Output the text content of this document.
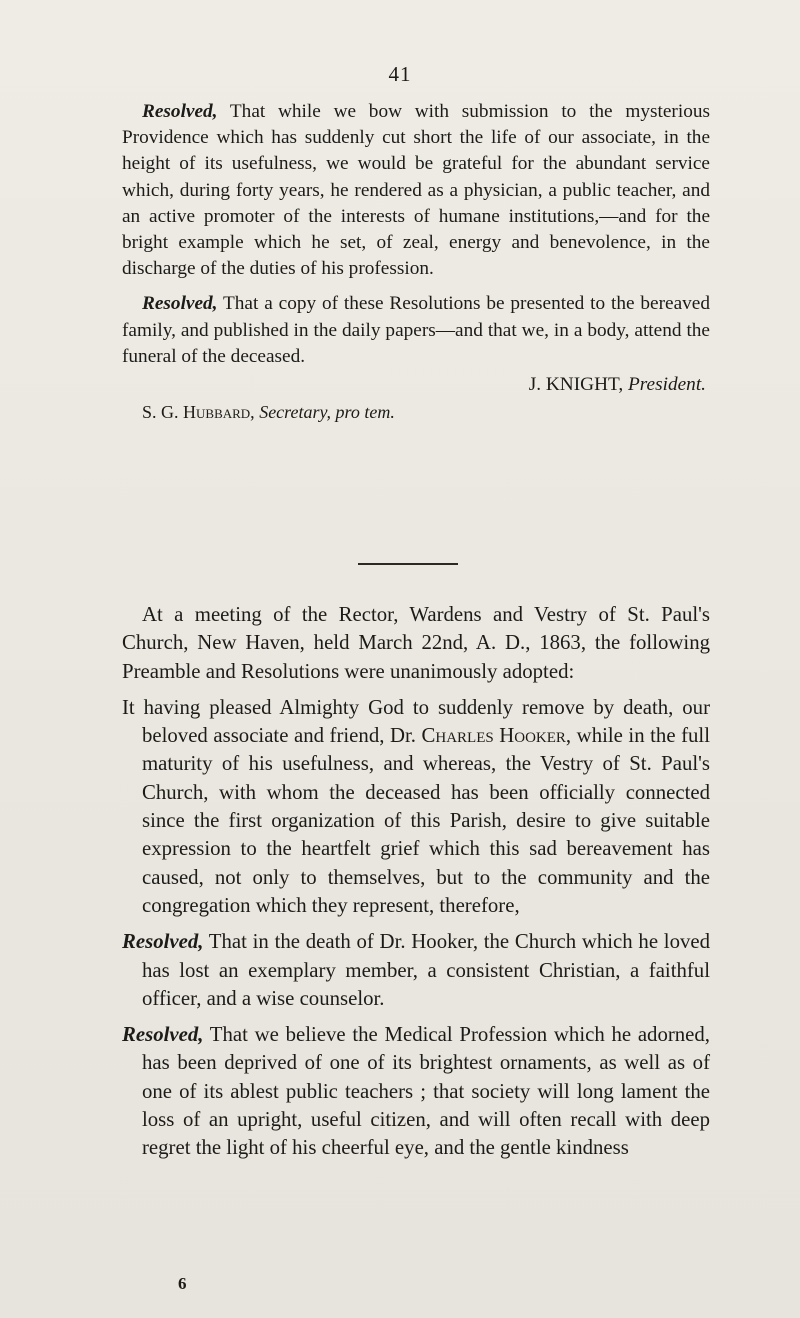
41

Resolved, That while we bow with submission to the mysterious Providence which has suddenly cut short the life of our associate, in the height of its usefulness, we would be grateful for the abundant service which, during forty years, he rendered as a physician, a public teacher, and an active promoter of the interests of humane institutions,—and for the bright example which he set, of zeal, energy and benevolence, in the discharge of the duties of his profession.

Resolved, That a copy of these Resolutions be presented to the bereaved family, and published in the daily papers—and that we, in a body, attend the funeral of the deceased.

J. KNIGHT, President.
S. G. Hubbard, Secretary, pro tem.

At a meeting of the Rector, Wardens and Vestry of St. Paul's Church, New Haven, held March 22nd, A. D., 1863, the following Preamble and Resolutions were unanimously adopted:

It having pleased Almighty God to suddenly remove by death, our beloved associate and friend, Dr. Charles Hooker, while in the full maturity of his usefulness, and whereas, the Vestry of St. Paul's Church, with whom the deceased has been officially connected since the first organization of this Parish, desire to give suitable expression to the heartfelt grief which this sad bereavement has caused, not only to themselves, but to the community and the congregation which they represent, therefore,

Resolved, That in the death of Dr. Hooker, the Church which he loved has lost an exemplary member, a consistent Christian, a faithful officer, and a wise counselor.

Resolved, That we believe the Medical Profession which he adorned, has been deprived of one of its brightest ornaments, as well as of one of its ablest public teachers ; that society will long lament the loss of an upright, useful citizen, and will often recall with deep regret the light of his cheerful eye, and the gentle kindness

6
